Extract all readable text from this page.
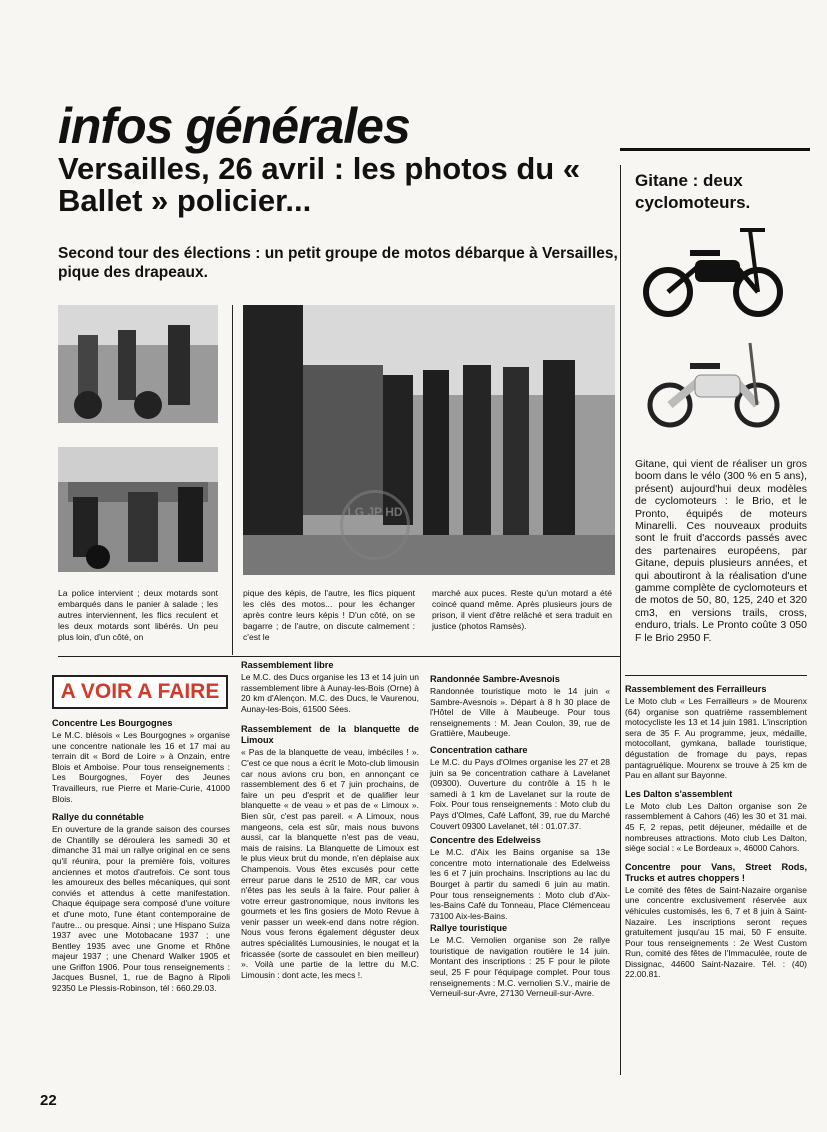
infos générales
Versailles, 26 avril : les photos du « Ballet » policier...

Second tour des élections : un petit groupe de motos débarque à Versailles, pique des drapeaux.

LG JP HD

La police intervient ; deux motards sont embarqués dans le panier à salade ; les autres interviennent, les flics reculent et les deux motards sont libérés. Un peu plus loin, d'un côté, on

pique des képis, de l'autre, les flics piquent les clés des motos... pour les échanger après contre leurs képis ! D'un côté, on se bagarre ; de l'autre, on discute calmement : c'est le

marché aux puces. Reste qu'un motard a été coincé quand même. Après plusieurs jours de prison, il vient d'être relâché et sera traduit en justice (photos Ramsès).

A VOIR A FAIRE
Concentre Les Bourgognes

Le M.C. blésois « Les Bourgognes » organise une concentre nationale les 16 et 17 mai au terrain dit « Bord de Loire » à Onzain, entre Blois et Amboise. Pour tous renseignements : Les Bourgognes, Foyer des Jeunes Travailleurs, rue Pierre et Marie-Curie, 41000 Blois.

Rallye du connétable

En ouverture de la grande saison des courses de Chantilly se déroulera les samedi 30 et dimanche 31 mai un rallye original en ce sens qu'il réunira, pour la première fois, voitures anciennes et motos d'autrefois. Ce sont tous les amoureux des belles mécaniques, qui sont conviés et attendus à cette manifestation. Chaque équipage sera composé d'une voiture et d'une moto, l'une étant contemporaine de l'autre... ou presque. Ainsi ; une Hispano Suiza 1937 avec une Motobacane 1937 ; une Bentley 1935 avec une Gnome et Rhône majeur 1937 ; une Chenard Walker 1905 et une Griffon 1906. Pour tous renseignements : Jacques Busnel, 1, rue de Bagno à Ripoli 92350 Le Plessis-Robinson, tél : 660.29.03.

Rassemblement libre

Le M.C. des Ducs organise les 13 et 14 juin un rassemblement libre à Aunay-les-Bois (Orne) à 20 km d'Alençon. M.C. des Ducs, le Vaurenou, Aunay-les-Bois, 61500 Sées.

Rassemblement de la blanquette de Limoux

« Pas de la blanquette de veau, imbéciles ! ». C'est ce que nous a écrit le Moto-club limousin car nous avions cru bon, en annonçant ce rassemblement des 6 et 7 juin prochains, de faire un peu d'esprit et de qualifier leur blanquette « de veau » et pas de « Limoux ». Bien sûr, c'est pas pareil. « A Limoux, nous mangeons, cela est sûr, mais nous buvons aussi, car la blanquette n'est pas de veau, mais de raisins. La Blanquette de Limoux est le plus vieux brut du monde, n'en déplaise aux Champenois. Vous êtes excusés pour cette erreur parue dans le 2510 de MR, car vous n'êtes pas les seuls à la faire. Pour palier à votre erreur gastronomique, nous invitons les gourmets et les fins gosiers de Moto Revue à venir passer un week-end dans notre région. Nous vous ferons également déguster deux autres spécialités Lumousinies, le nougat et la fricassée (sorte de cassoulet en bien meilleur) ». Voilà une partie de la lettre du M.C. Limousin : dont acte, les mecs !.

Randonnée Sambre-Avesnois

Randonnée touristique moto le 14 juin « Sambre-Avesnois ». Départ à 8 h 30 place de l'Hôtel de Ville à Maubeuge. Pour tous renseignements : M. Jean Coulon, 39, rue de Grattière, Maubeuge.

Concentration cathare

Le M.C. du Pays d'Olmes organise les 27 et 28 juin sa 9e concentration cathare à Lavelanet (09300). Ouverture du contrôle à 15 h le samedi à 1 km de Lavelanet sur la route de Foix. Pour tous renseignements : Moto club du Pays d'Olmes, Café Laffont, 39, rue du Marché Couvert 09300 Lavelanet, tél : 01.07.37.

Concentre des Edelweiss

Le M.C. d'Aix les Bains organise sa 13e concentre moto internationale des Edelweiss les 6 et 7 juin prochains. Inscriptions au lac du Bourget à partir du samedi 6 juin au matin. Pour tous renseignements : Moto club d'Aix-les-Bains Café du Tonneau, Place Clémenceau 73100 Aix-les-Bains.

Rallye touristique

Le M.C. Vernolien organise son 2e rallye touristique de navigation routière le 14 juin. Montant des inscriptions : 25 F pour le pilote seul, 25 F pour l'équipage complet. Pour tous renseignements : M.C. vernolien S.V., mairie de Verneuil-sur-Avre, 27130 Verneuil-sur-Avre.

Rassemblement des Ferrailleurs

Le Moto club « Les Ferrailleurs » de Mourenx (64) organise son quatrième rassemblement motocycliste les 13 et 14 juin 1981. L'inscription sera de 35 F. Au programme, jeux, médaille, motocollant, gymkana, ballade touristique, dégustation de fromage du pays, repas pantagruélique. Mourenx se trouve à 25 km de Pau en allant sur Bayonne.

Les Dalton s'assemblent

Le Moto club Les Dalton organise son 2e rassemblement à Cahors (46) les 30 et 31 mai. 45 F, 2 repas, petit déjeuner, médaille et de nombreuses attractions. Moto club Les Dalton, siège social : « Le Bordeaux », 46000 Cahors.

Concentre pour Vans, Street Rods, Trucks et autres choppers !

Le comité des fêtes de Saint-Nazaire organise une concentre exclusivement réservée aux véhicules customisés, les 6, 7 et 8 juin à Saint-Nazaire. Les inscriptions seront reçues gratuitement jusqu'au 15 mai, 50 F ensuite. Pour tous renseignements : 2e West Custom Run, comité des fêtes de l'Immaculée, route de Dissignac, 44600 Saint-Nazaire. Tél. : (40) 22.00.81.

Gitane : deux cyclomoteurs.

Gitane, qui vient de réaliser un gros boom dans le vélo (300 % en 5 ans), présent) aujourd'hui deux modèles de cyclomoteurs : le Brio, et le Pronto, équipés de moteurs Minarelli. Ces nouveaux produits sont le fruit d'accords passés avec des partenaires européens, par Gitane, depuis plusieurs années, et qui aboutiront à la réalisation d'une gamme complète de cyclomoteurs et de motos de 50, 80, 125, 240 et 320 cm3, en versions trails, cross, enduro, trials. Le Pronto coûte 3 050 F le Brio 2950 F.

22
